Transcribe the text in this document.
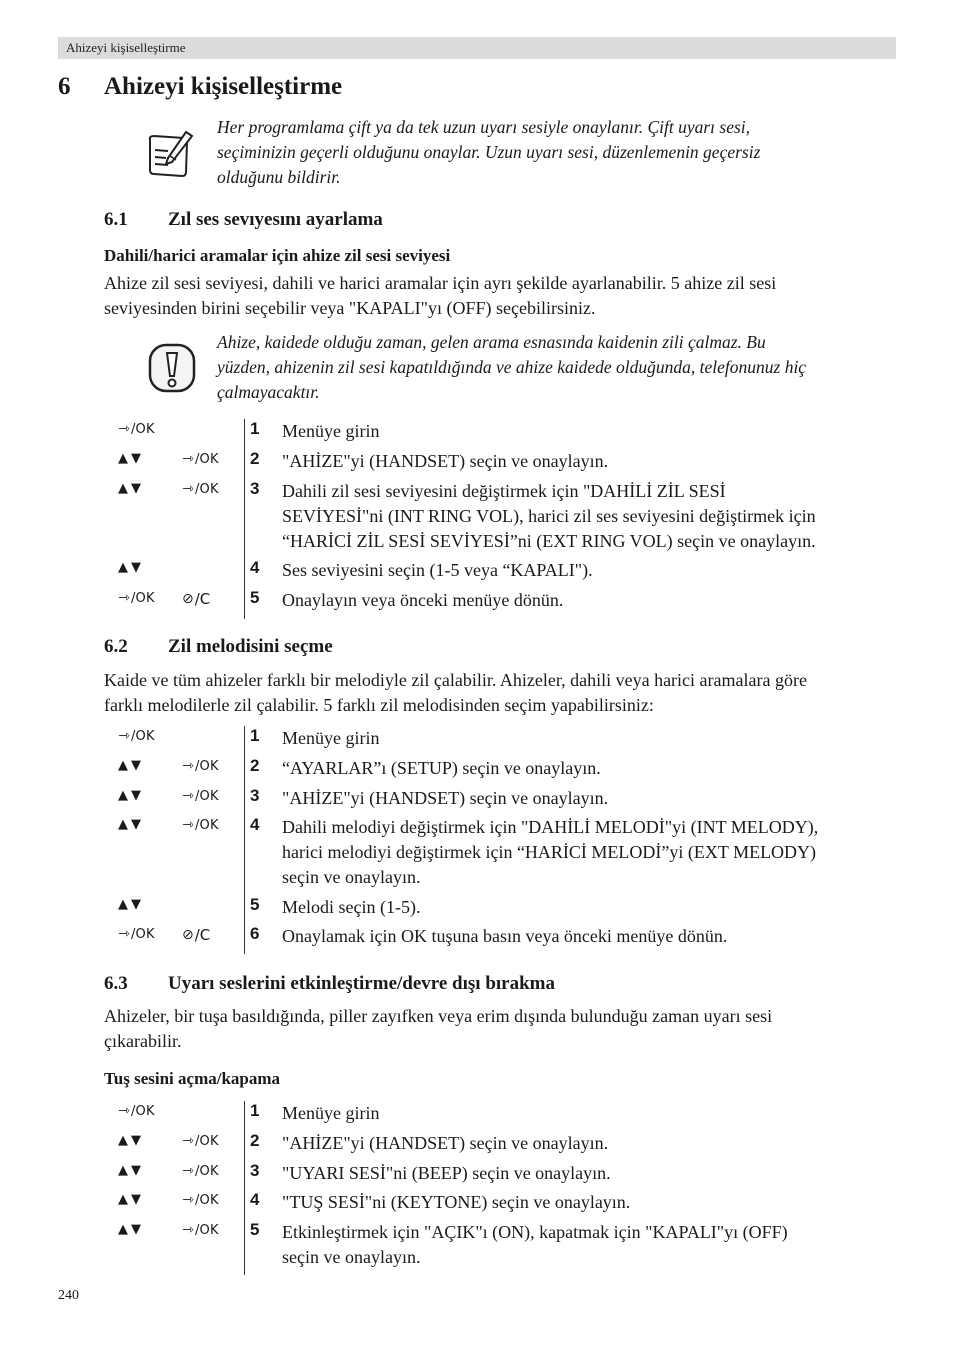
Ahizeyi kişiselleştirme
6 Ahizeyi kişiselleştirme
Her programlama çift ya da tek uzun uyarı sesiyle onaylanır. Çift uyarı sesi,
seçiminizin geçerli olduğunu onaylar. Uzun uyarı sesi, düzenlemenin geçersiz
olduğunu bildirir.
6.1 Zıl ses sevıyesını ayarlama
Dahili/harici aramalar için ahize zil sesi seviyesi
Ahize zil sesi seviyesi, dahili ve harici aramalar için ayrı şekilde ayarlanabilir. 5 ahize zil sesi
seviyesinden birini seçebilir veya "KAPALI"yı (OFF) seçebilirsiniz.
Ahize, kaidede olduğu zaman, gelen arama esnasında kaidenin zili çalmaz. Bu
yüzden, ahizenin zil sesi kapatıldığında ve ahize kaidede olduğunda, telefonunuz hiç
çalmayacaktır.
⇾ /OK	1 Menüye girin
▲▼	⇾ /OK 2 "AHİZE"yi (HANDSET) seçin ve onaylayın.
▲▼	⇾ /OK 3 Dahili zil sesi seviyesini değiştirmek için "DAHİLİ ZİL SESİ
SEVİYESİ"ni (INT RING VOL), harici zil ses seviyesini değiştirmek için
“HARİCİ ZİL SESİ SEVİYESİ”ni (EXT RING VOL) seçin ve onaylayın.
▲▼	4 Ses seviyesini seçin (1-5 veya “KAPALI").
⇾ /OK ⊘ /C 5 Onaylayın veya önceki menüye dönün.
6.2 Zil melodisini seçme
Kaide ve tüm ahizeler farklı bir melodiyle zil çalabilir. Ahizeler, dahili veya harici aramalara göre
farklı melodilerle zil çalabilir. 5 farklı zil melodisinden seçim yapabilirsiniz:
⇾ /OK	1 Menüye girin
▲▼	⇾ /OK 2 “AYARLAR”ı (SETUP) seçin ve onaylayın.
▲▼	⇾ /OK 3 "AHİZE"yi (HANDSET) seçin ve onaylayın.
▲▼	⇾ /OK 4 Dahili melodiyi değiştirmek için "DAHİLİ MELODİ"yi (INT MELODY),
harici melodiyi değiştirmek için “HARİCİ MELODİ”yi (EXT MELODY)
seçin ve onaylayın.
▲▼	5 Melodi seçin (1-5).
⇾ /OK ⊘ /C 6 Onaylamak için OK tuşuna basın veya önceki menüye dönün.
6.3 Uyarı seslerini etkinleştirme/devre dışı bırakma
Ahizeler, bir tuşa basıldığında, piller zayıfken veya erim dışında bulunduğu zaman uyarı sesi
çıkarabilir.
Tuş sesini açma/kapama
⇾ /OK	1 Menüye girin
▲▼	⇾ /OK 2 "AHİZE"yi (HANDSET) seçin ve onaylayın.
▲▼	⇾ /OK 3 "UYARI SESİ"ni (BEEP) seçin ve onaylayın.
▲▼	⇾ /OK 4 "TUŞ SESİ"ni (KEYTONE) seçin ve onaylayın.
▲▼	⇾ /OK 5 Etkinleştirmek için "AÇIK"ı (ON), kapatmak için "KAPALI"yı (OFF)
seçin ve onaylayın.
240
